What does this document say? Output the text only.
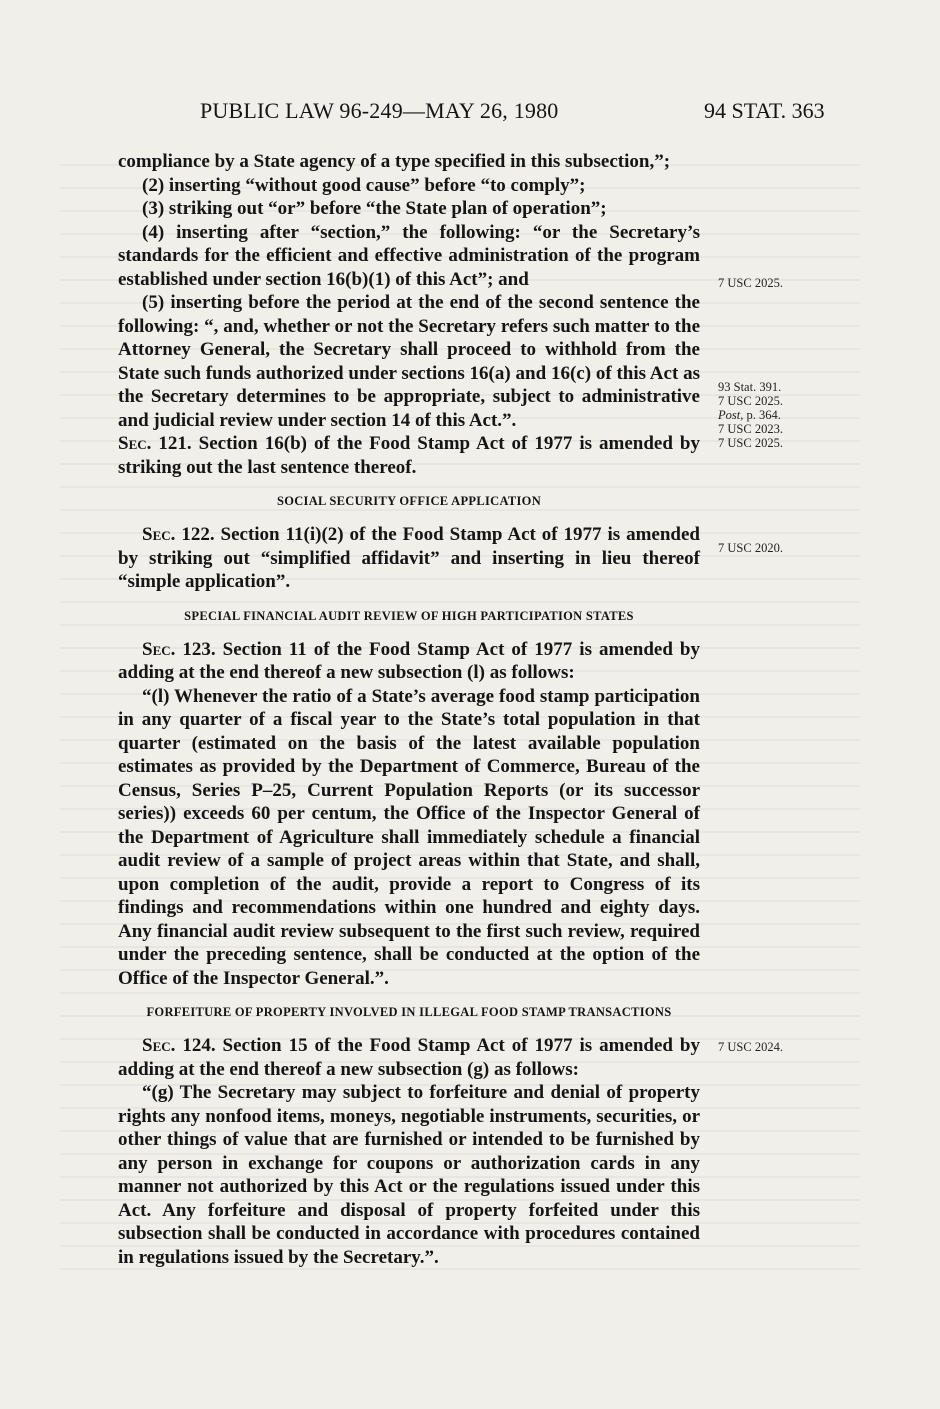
PUBLIC LAW 96-249—MAY 26, 1980	94 STAT. 363

compliance by a State agency of a type specified in this subsection,”;

(2) inserting “without good cause” before “to comply”;

(3) striking out “or” before “the State plan of operation”;

(4) inserting after “section,” the following: “or the Secretary’s standards for the efficient and effective administration of the program established under section 16(b)(1) of this Act”; and

(5) inserting before the period at the end of the second sentence the following: “, and, whether or not the Secretary refers such matter to the Attorney General, the Secretary shall proceed to withhold from the State such funds authorized under sections 16(a) and 16(c) of this Act as the Secretary determines to be appropriate, subject to administrative and judicial review under section 14 of this Act.”.

Sec. 121. Section 16(b) of the Food Stamp Act of 1977 is amended by striking out the last sentence thereof.

SOCIAL SECURITY OFFICE APPLICATION

Sec. 122. Section 11(i)(2) of the Food Stamp Act of 1977 is amended by striking out “simplified affidavit” and inserting in lieu thereof “simple application”.

SPECIAL FINANCIAL AUDIT REVIEW OF HIGH PARTICIPATION STATES

Sec. 123. Section 11 of the Food Stamp Act of 1977 is amended by adding at the end thereof a new subsection (l) as follows:

“(l) Whenever the ratio of a State’s average food stamp participation in any quarter of a fiscal year to the State’s total population in that quarter (estimated on the basis of the latest available population estimates as provided by the Department of Commerce, Bureau of the Census, Series P–25, Current Population Reports (or its successor series)) exceeds 60 per centum, the Office of the Inspector General of the Department of Agriculture shall immediately schedule a financial audit review of a sample of project areas within that State, and shall, upon completion of the audit, provide a report to Congress of its findings and recommendations within one hundred and eighty days. Any financial audit review subsequent to the first such review, required under the preceding sentence, shall be conducted at the option of the Office of the Inspector General.”.

FORFEITURE OF PROPERTY INVOLVED IN ILLEGAL FOOD STAMP TRANSACTIONS

Sec. 124. Section 15 of the Food Stamp Act of 1977 is amended by adding at the end thereof a new subsection (g) as follows:

“(g) The Secretary may subject to forfeiture and denial of property rights any nonfood items, moneys, negotiable instruments, securities, or other things of value that are furnished or intended to be furnished by any person in exchange for coupons or authorization cards in any manner not authorized by this Act or the regulations issued under this Act. Any forfeiture and disposal of property forfeited under this subsection shall be conducted in accordance with procedures contained in regulations issued by the Secretary.”.

7 USC 2025.
93 Stat. 391.
7 USC 2025.
Post, p. 364.
7 USC 2023.
7 USC 2025.
7 USC 2020.
7 USC 2024.
